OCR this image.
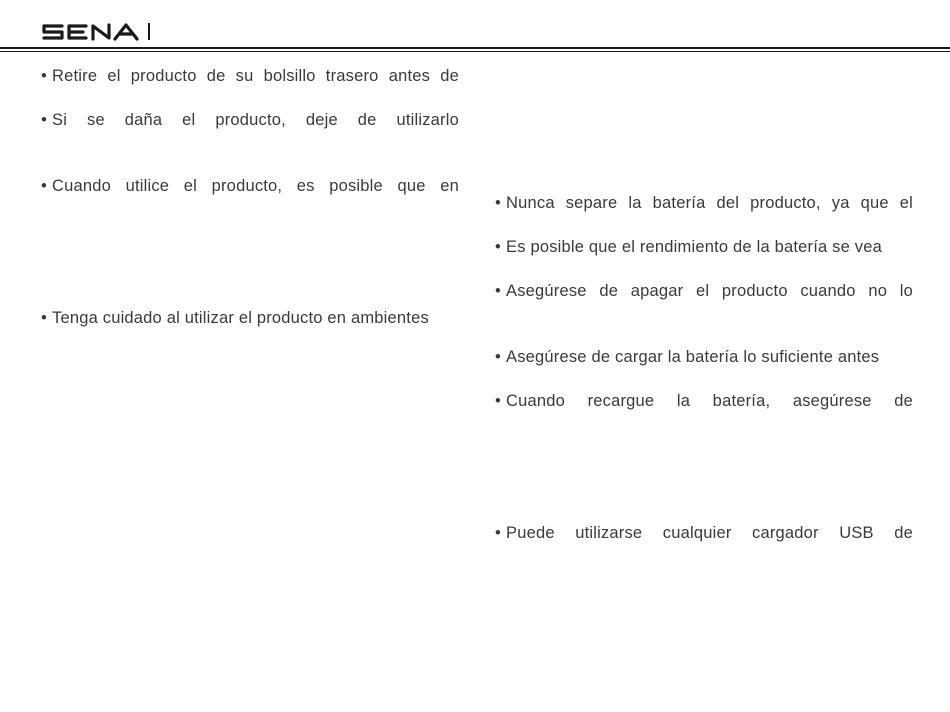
• Retire el producto de su bolsillo trasero antes de
• Si se daña el producto, deje de utilizarlo
• Cuando utilice el producto, es posible que en
• Tenga cuidado al utilizar el producto en ambientes
• Nunca separe la batería del producto, ya que el
• Es posible que el rendimiento de la batería se vea
• Asegúrese de apagar el producto cuando no lo
• Asegúrese de cargar la batería lo suficiente antes
• Cuando recargue la batería, asegúrese de
• Puede utilizarse cualquier cargador USB de
